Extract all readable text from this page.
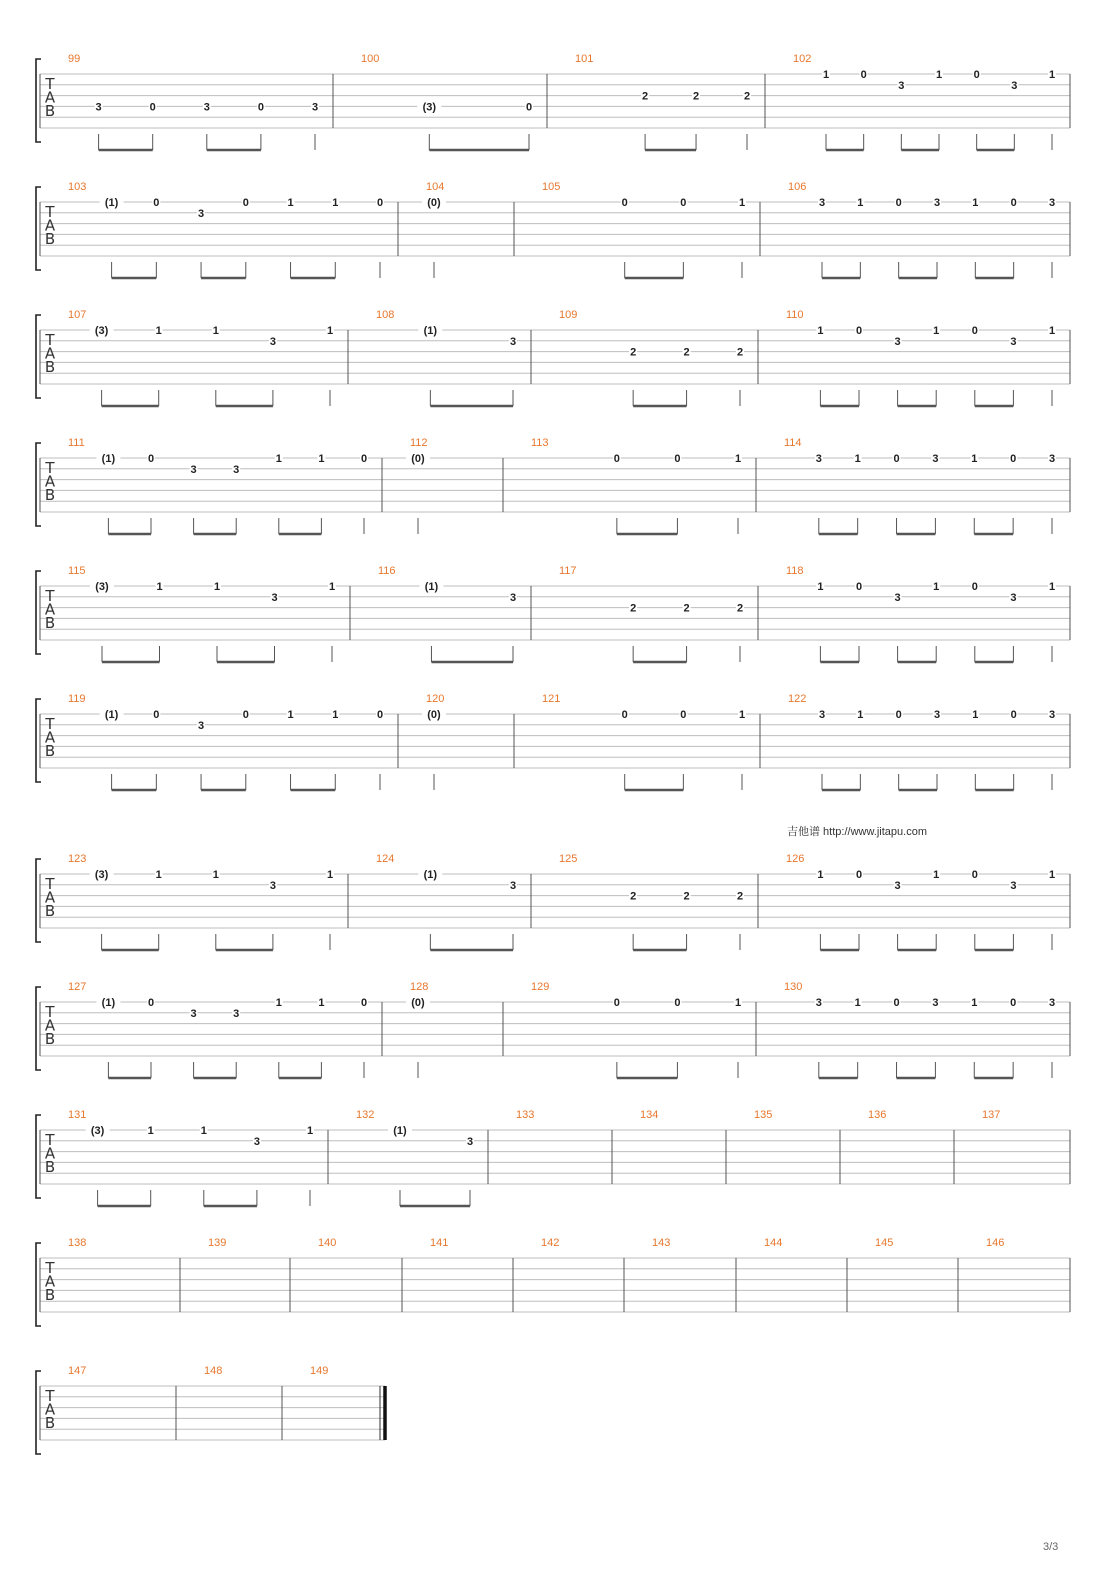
T
A
B
99
3	0	3	0	3
100
(3)	0
101
2	2	2
102
1	0
3
1	0
3
1
T
A
B
103
(1)	0
3
0	1	1	0
104
(0)
105
0	0	1
106
3	1	0	3	1	0	3
T
A
B
107
(3)	1	1
3
1
108
(1)
3
109
2	2	2
110
1	0
3
1	0
3
1
T
A
B
111
(1)	0
3	3
1	1	0
112
(0)
113
0	0	1
114
3	1	0	3	1	0	3
T
A
B
115
(3)	1	1
3
1
116
(1)
3
117
2	2	2
118
1	0
3
1	0
3
1
T
A
B
119
(1)	0
3
0	1	1	0
120
(0)
121
0	0	1
122
3	1	0	3	1	0	3
T
A
B
123
(3)	1	1
3
1
124
(1)
3
125
2	2	2
126
1	0
3
1	0
3
1
T
A
B
127
(1)	0
3	3
1	1	0
128
(0)
129
0	0	1
130
3	1	0	3	1	0	3
T
A
B
131
(3)	1	1
3
1
132
(1)
3
133	134	135	136	137
T
A
B
138	139	140	141	142	143	144	145	146
T
A
B
147	148	149
吉他谱 http://www.jitapu.com
3/3
